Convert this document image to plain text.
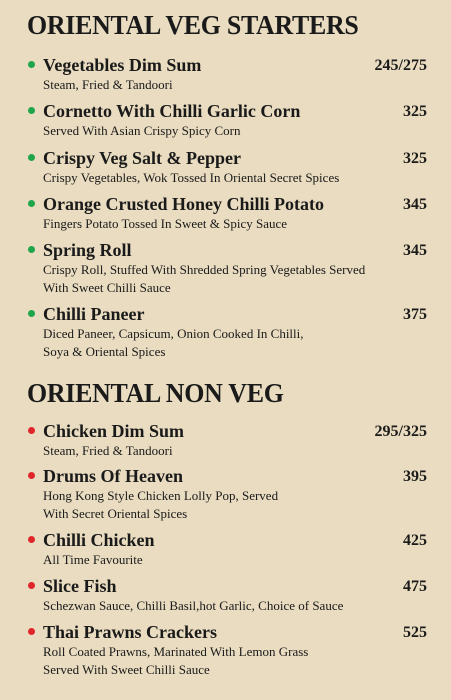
ORIENTAL VEG STARTERS
Vegetables Dim Sum	245/275
Steam, Fried & Tandoori
Cornetto With Chilli Garlic Corn	325
Served With Asian Crispy Spicy Corn
Crispy Veg Salt & Pepper	325
Crispy Vegetables, Wok Tossed In Oriental Secret Spices
Orange Crusted Honey Chilli Potato	345
Fingers Potato Tossed In Sweet & Spicy Sauce
Spring Roll	345
Crispy Roll, Stuffed With Shredded Spring Vegetables Served
With Sweet Chilli Sauce
Chilli Paneer	375
Diced Paneer, Capsicum, Onion Cooked In Chilli,
Soya & Oriental Spices
ORIENTAL NON VEG
Chicken Dim Sum	295/325
Steam, Fried & Tandoori
Drums Of Heaven	395
Hong Kong Style Chicken Lolly Pop, Served
With Secret Oriental Spices
Chilli Chicken	425
All Time Favourite
Slice Fish	475
Schezwan Sauce, Chilli Basil,hot Garlic, Choice of Sauce
Thai Prawns Crackers	525
Roll Coated Prawns, Marinated With Lemon Grass
Served With Sweet Chilli Sauce
